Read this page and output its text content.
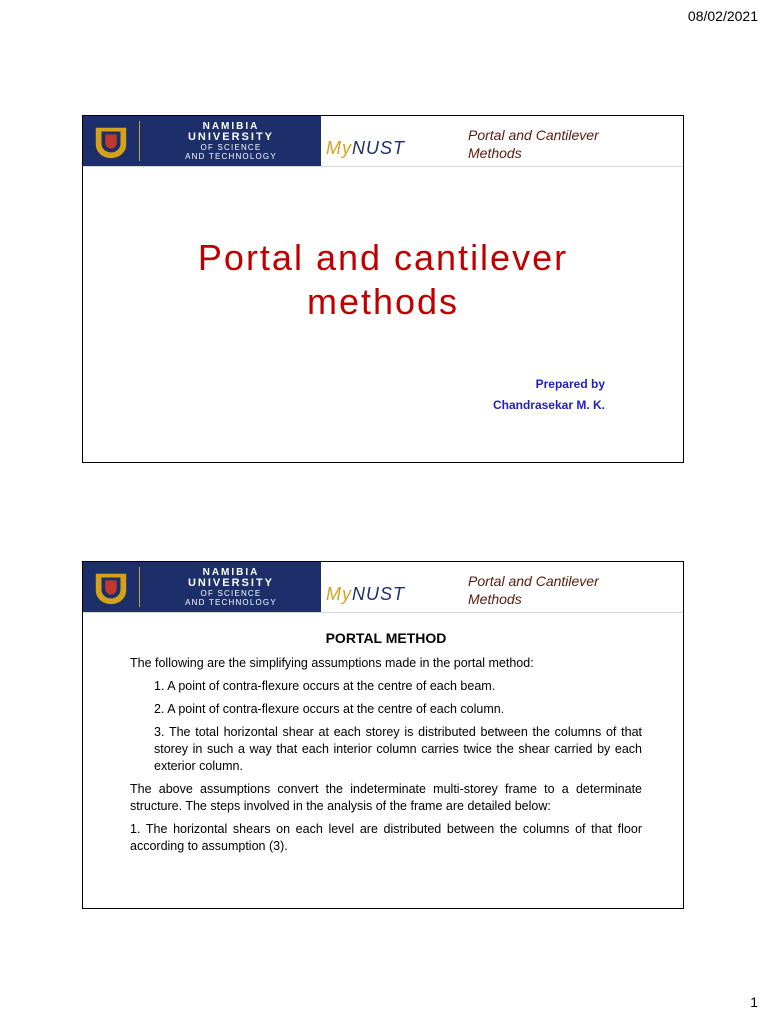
08/02/2021
NAMIBIA
UNIVERSITY
OF SCIENCE
AND TECHNOLOGY	MyNUST
Portal and Cantilever
Methods
Portal and cantilever
methods
Prepared by
Chandrasekar M. K.
NAMIBIA
UNIVERSITY
OF SCIENCE
AND TECHNOLOGY	MyNUST
Portal and Cantilever
Methods
PORTAL METHOD

The following are the simplifying assumptions made in the portal method:

1. A point of contra-flexure occurs at the centre of each beam.

2. A point of contra-flexure occurs at the centre of each column.

3. The total horizontal shear at each storey is distributed between the columns of that storey in such a way that each interior column carries twice the shear carried by each exterior column.

The above assumptions convert the indeterminate multi-storey frame to a determinate structure. The steps involved in the analysis of the frame are detailed below:

1. The horizontal shears on each level are distributed between the columns of that floor according to assumption (3).

1
